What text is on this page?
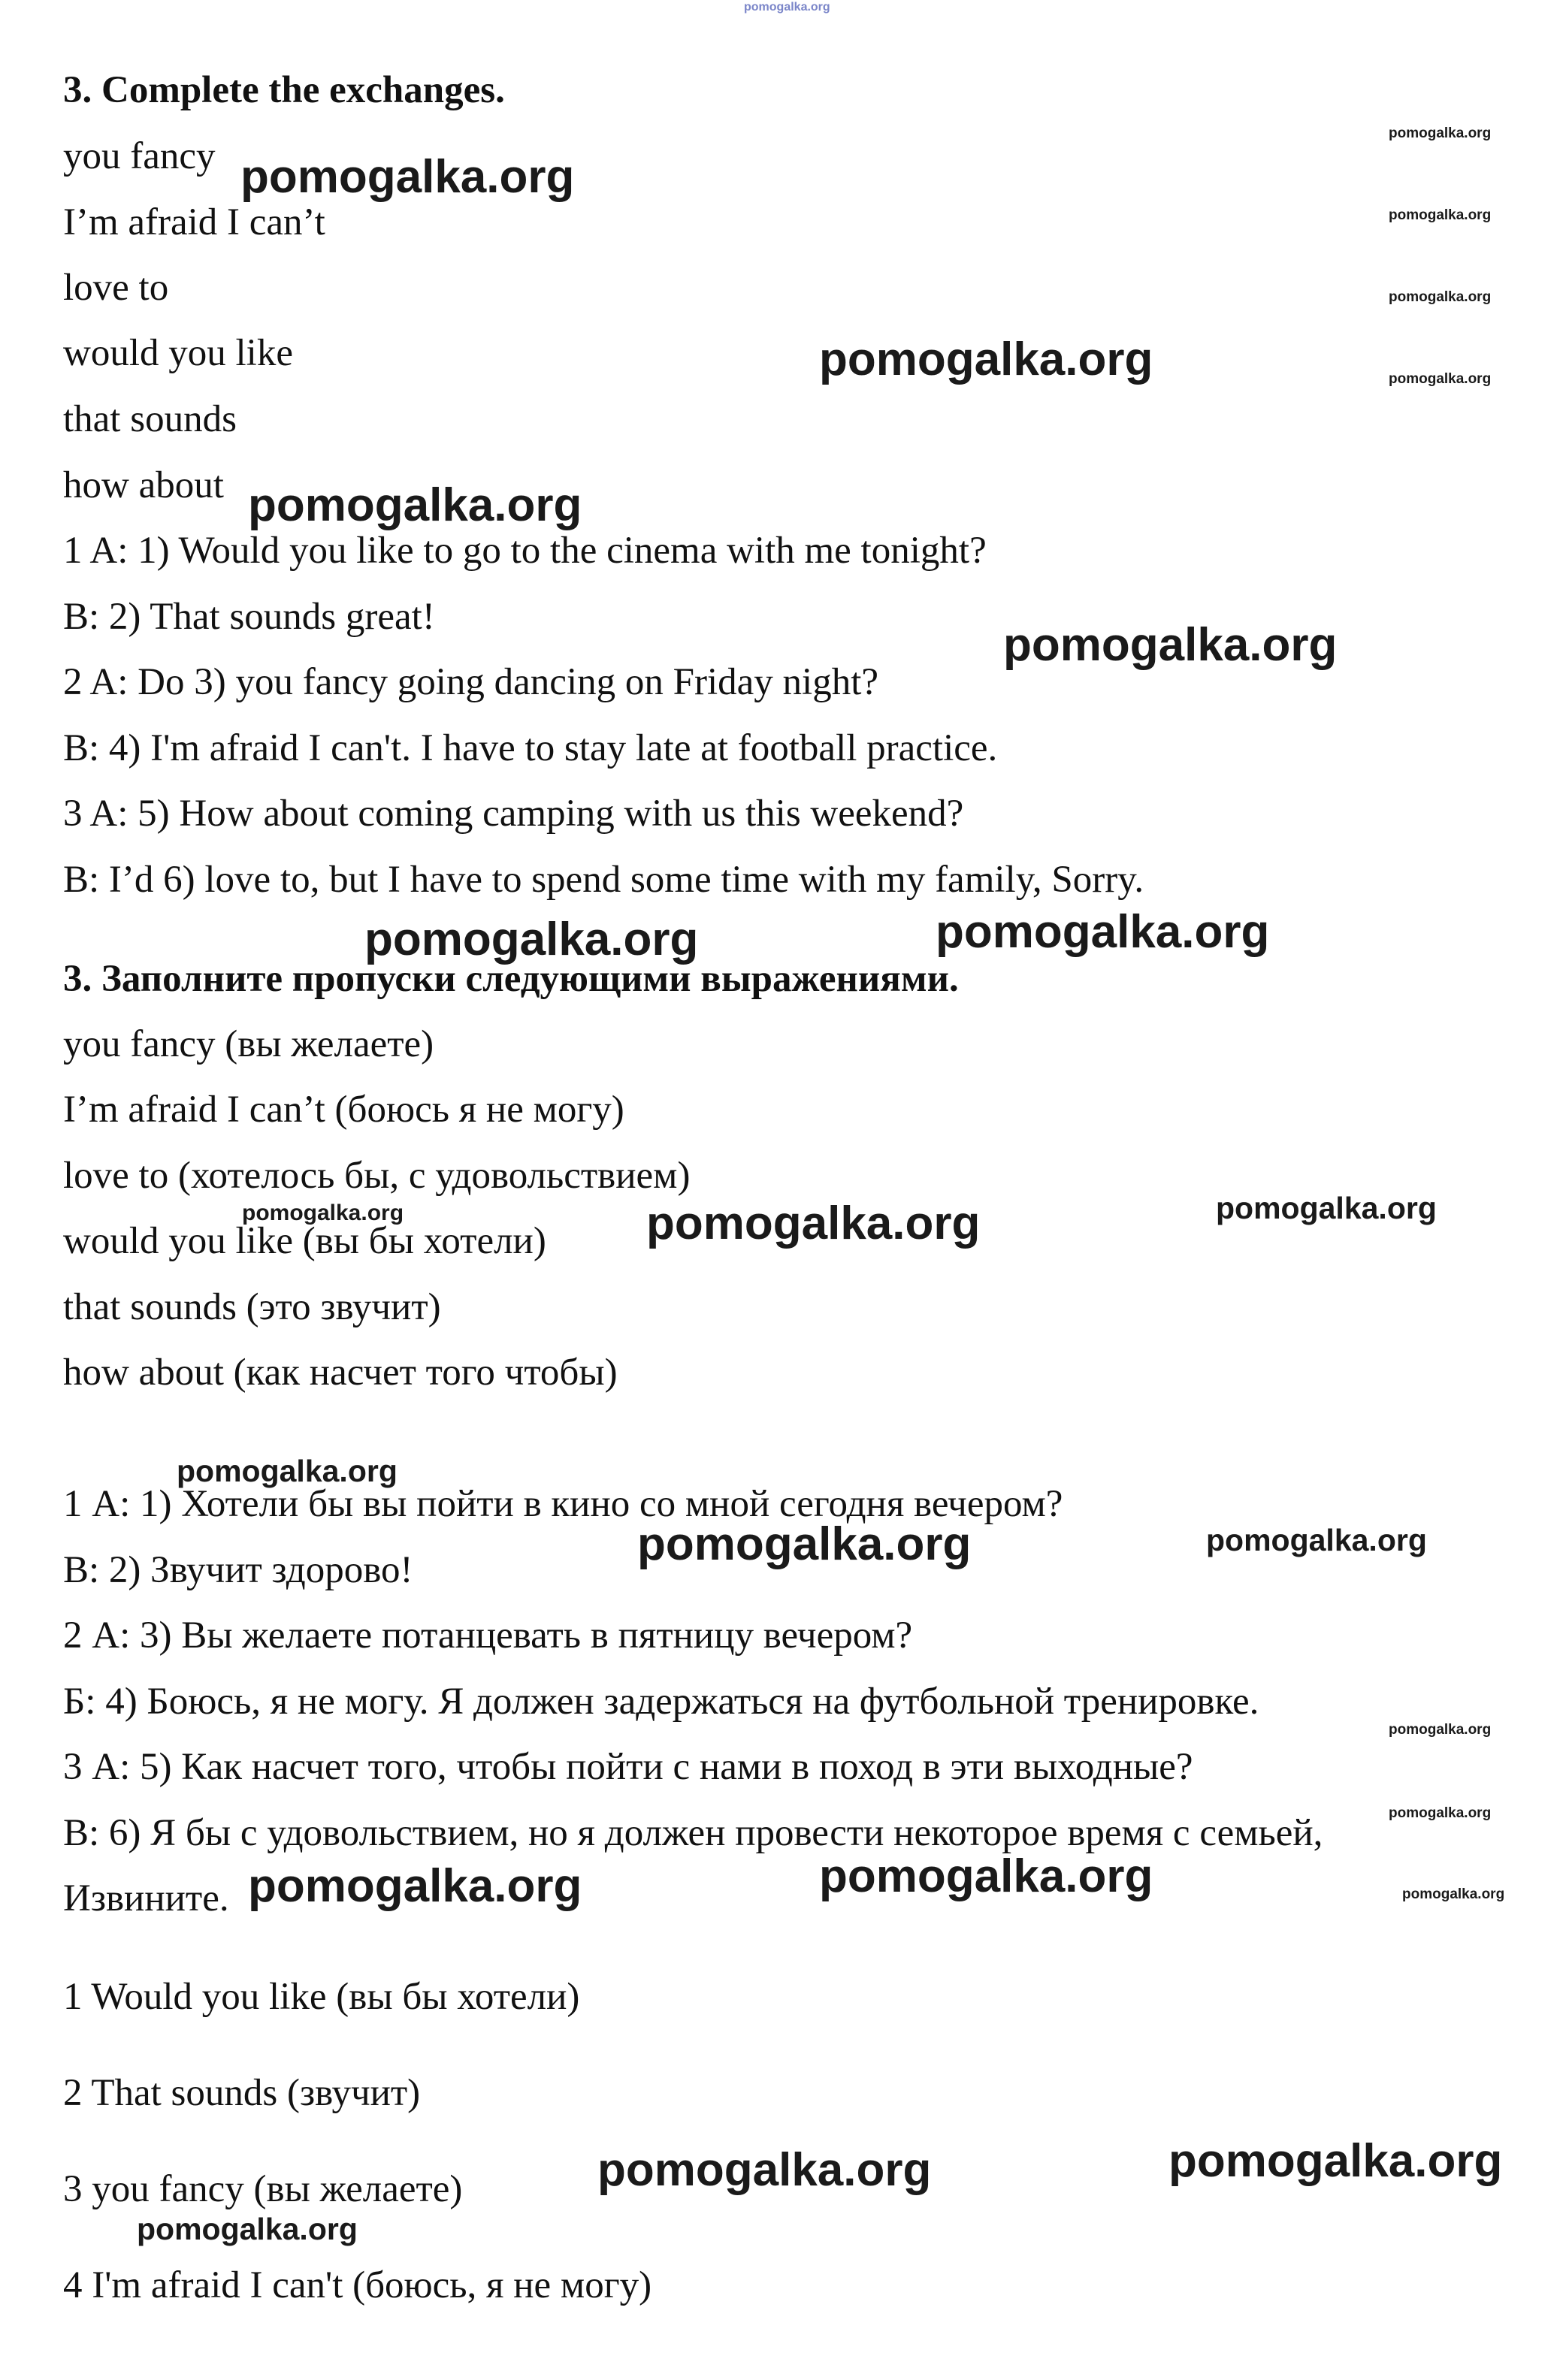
pomogalka.org
3. Complete the exchanges.
you fancy
I’m afraid I can’t
love to
would you like
that sounds
how about
1 A: 1) Would you like to go to the cinema with me tonight?
B: 2) That sounds great!
2 A: Do 3) you fancy going dancing on Friday night?
B: 4) I'm afraid I can't. I have to stay late at football practice.
3 A: 5) How about coming camping with us this weekend?
B: I’d 6) love to, but I have to spend some time with my family, Sorry.
3. Заполните пропуски следующими выражениями.
you fancy (вы желаете)
I’m afraid I can’t (боюсь я не могу)
love to (хотелось бы, с удовольствием)
would you like (вы бы хотели)
that sounds (это звучит)
how about (как насчет того чтобы)
1 А: 1) Хотели бы вы пойти в кино со мной сегодня вечером?
В: 2) Звучит здорово!
2 А: 3) Вы желаете потанцевать в пятницу вечером?
Б: 4) Боюсь, я не могу. Я должен задержаться на футбольной тренировке.
3 А: 5) Как насчет того, чтобы пойти с нами в поход в эти выходные?
В: 6) Я бы с удовольствием, но я должен провести некоторое время с семьей,
Извините.
1 Would you like (вы бы хотели)
2 That sounds (звучит)
3 you fancy (вы желаете)
4 I'm afraid I can't (боюсь, я не могу)
pomogalka.org
pomogalka.org
pomogalka.org
pomogalka.org
pomogalka.org	pomogalka.org
pomogalka.org
pomogalka.org
pomogalka.org	pomogalka.org
pomogalka.org	pomogalka.org
pomogalka.org
pomogalka.org
pomogalka.org
pomogalka.org
pomogalka.org
pomogalka.org
pomogalka.org
pomogalka.org
pomogalka.org
pomogalka.org
pomogalka.org
pomogalka.org
